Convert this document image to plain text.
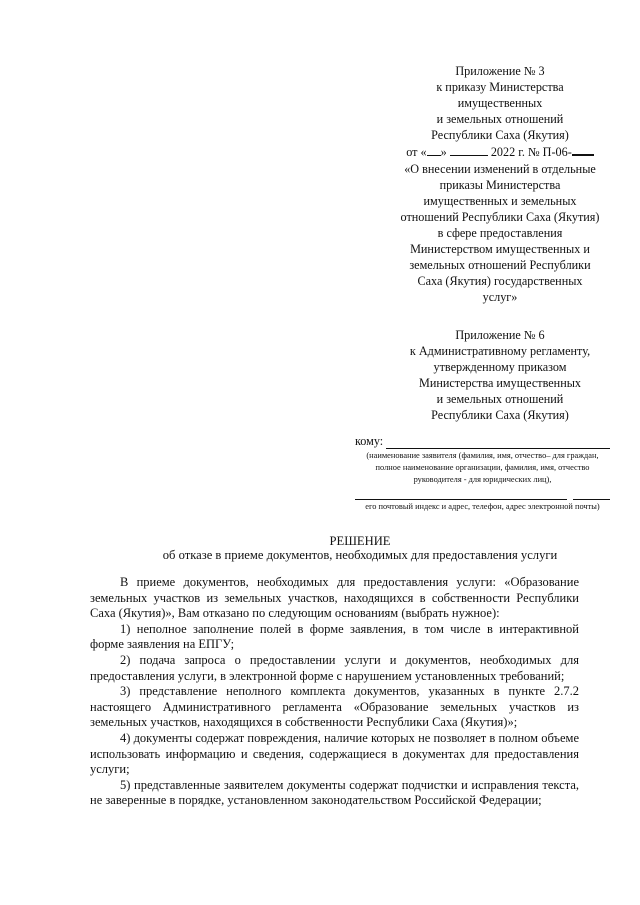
Приложение № 3
к приказу Министерства
имущественных
и земельных отношений
Республики Саха (Якутия)
от « »	2022 г. № П-06-
«О внесении изменений в отдельные
приказы Министерства
имущественных и земельных
отношений Республики Саха (Якутия)
в сфере предоставления
Министерством имущественных и
земельных отношений Республики
Саха (Якутия) государственных
услуг»
Приложение № 6
к Административному регламенту,
утвержденному приказом
Министерства имущественных
и земельных отношений
Республики Саха (Якутия)
кому:
(наименование заявителя (фамилия, имя, отчество– для граждан, полное наименование организации, фамилия, имя, отчество руководителя - для юридических лиц),
его почтовый индекс и адрес, телефон, адрес электронной почты)
РЕШЕНИЕ
об отказе в приеме документов, необходимых для предоставления услуги

В приеме документов, необходимых для предоставления услуги: «Образование земельных участков из земельных участков, находящихся в собственности Республики Саха (Якутия)», Вам отказано по следующим основаниям (выбрать нужное):

1) неполное заполнение полей в форме заявления, в том числе в интерактивной форме заявления на ЕПГУ;

2) подача запроса о предоставлении услуги и документов, необходимых для предоставления услуги, в электронной форме с нарушением установленных требований;

3) представление неполного комплекта документов, указанных в пункте 2.7.2 настоящего Административного регламента «Образование земельных участков из земельных участков, находящихся в собственности Республики Саха (Якутия)»;

4) документы содержат повреждения, наличие которых не позволяет в полном объеме использовать информацию и сведения, содержащиеся в документах для предоставления услуги;

5) представленные заявителем документы содержат подчистки и исправления текста, не заверенные в порядке, установленном законодательством Российской Федерации;
